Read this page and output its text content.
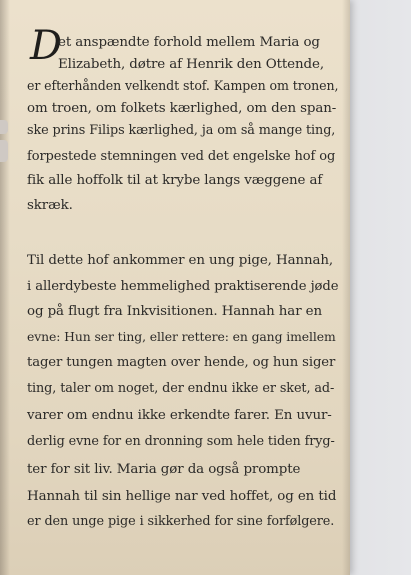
D
et anspændte forhold mellem Maria og
Elizabeth, døtre af Henrik den Ottende,
er efterhånden velkendt stof. Kampen om tronen,
om troen, om folkets kærlighed, om den span-
ske prins Filips kærlighed, ja om så mange ting,
forpestede stemningen ved det engelske hof og
fik alle hoffolk til at krybe langs væggene af
skræk.
Til dette hof ankommer en ung pige, Hannah,
i allerdybeste hemmelighed praktiserende jøde
og på flugt fra Inkvisitionen. Hannah har en
evne: Hun ser ting, eller rettere: en gang imellem
tager tungen magten over hende, og hun siger
ting, taler om noget, der endnu ikke er sket, ad-
varer om endnu ikke erkendte farer. En uvur-
derlig evne for en dronning som hele tiden fryg-
ter for sit liv. Maria gør da også prompte
Hannah til sin hellige nar ved hoffet, og en tid
er den unge pige i sikkerhed for sine forfølgere.
